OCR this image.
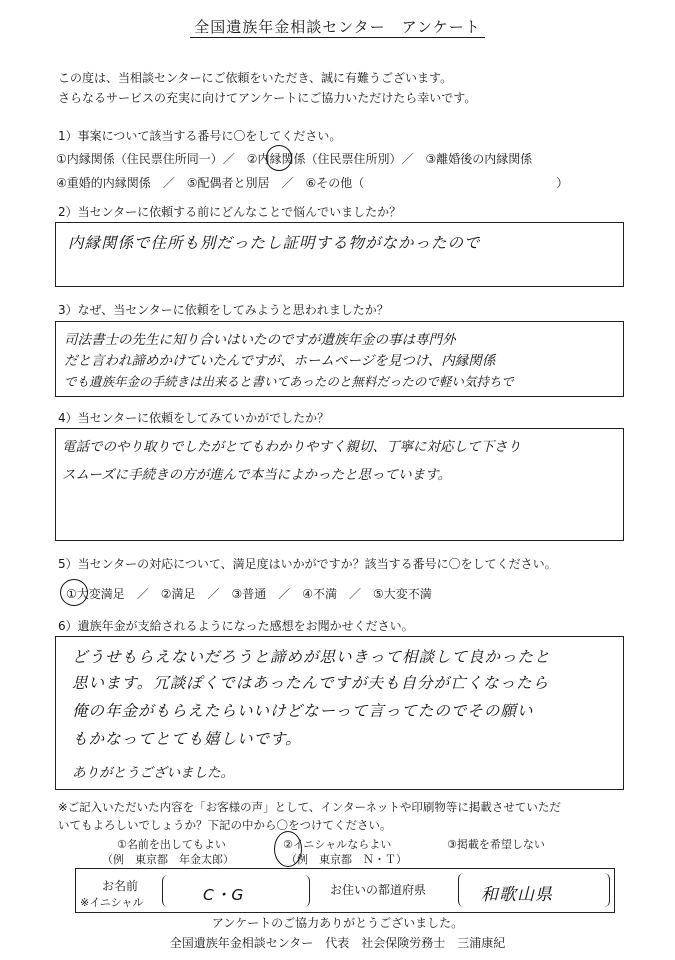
全国遺族年金相談センター　アンケート
この度は、当相談センターにご依頼をいただき、誠に有難うございます。
さらなるサービスの充実に向けてアンケートにご協力いただけたら幸いです。
1）事案について該当する番号に〇をしてください。
①内縁関係（住民票住所同一）／　②内縁関係（住民票住所別）／　③離婚後の内縁関係
④重婚的内縁関係　／　⑤配偶者と別居　／　⑥その他（　　　　　　　　　　　　　　　　）
2）当センターに依頼する前にどんなことで悩んでいましたか？
内縁関係で住所も別だったし証明する物がなかったので
3）なぜ、当センターに依頼をしてみようと思われましたか？
司法書士の先生に知り合いはいたのですが遺族年金の事は専門外
だと言われ諦めかけていたんですが、ホームページを見つけ、内縁関係
でも遺族年金の手続きは出来ると書いてあったのと無料だったので軽い気持ちで
4）当センターに依頼をしてみていかがでしたか？
電話でのやり取りでしたがとてもわかりやすく親切、丁寧に対応して下さり
スムーズに手続きの方が進んで本当によかったと思っています。
5）当センターの対応について、満足度はいかがですか？該当する番号に〇をしてください。
①大変満足　／　②満足　／　③普通　／　④不満　／　⑤大変不満
6）遺族年金が支給されるようになった感想をお聞かせください。
どうせもらえないだろうと諦めが思いきって相談して良かったと
思います。冗談ぽくではあったんですが夫も自分が亡くなったら
俺の年金がもらえたらいいけどなーって言ってたのでその願い
もかなってとても嬉しいです。
ありがとうございました。
※ご記入いただいた内容を「お客様の声」として、インターネットや印刷物等に掲載させていただ
いてもよろしいでしょうか？下記の中から〇をつけてください。
①名前を出してもよい
（例　東京都　年金太郎）
②イニシャルならよい
（例　東京都　Ｎ・Ｔ）
③掲載を希望しない
お名前
※イニシャル	C・G	お住いの都道府県	和歌山県
アンケートのご協力ありがとうございました。
全国遺族年金相談センター　代表　社会保険労務士　三浦康紀
